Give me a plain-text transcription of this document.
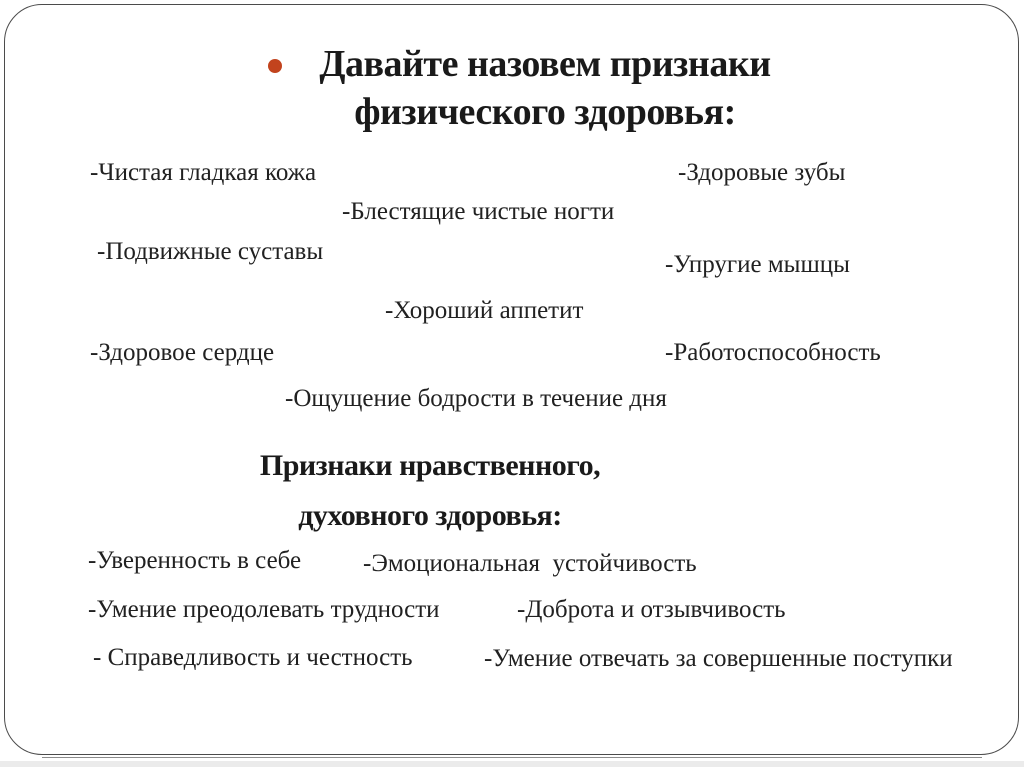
Давайте назовем признаки
физического здоровья:
-Чистая гладкая кожа	-Здоровые зубы
-Блестящие чистые ногти
-Подвижные суставы	-Упругие мышцы
-Хороший аппетит
-Здоровое сердце	-Работоспособность
-Ощущение бодрости в течение дня
Признаки нравственного,
духовного здоровья:
-Уверенность в себе -Эмоциональная  устойчивость
-Умение преодолевать трудности	-Доброта и отзывчивость
- Справедливость и честность	-Умение отвечать за совершенные поступки
